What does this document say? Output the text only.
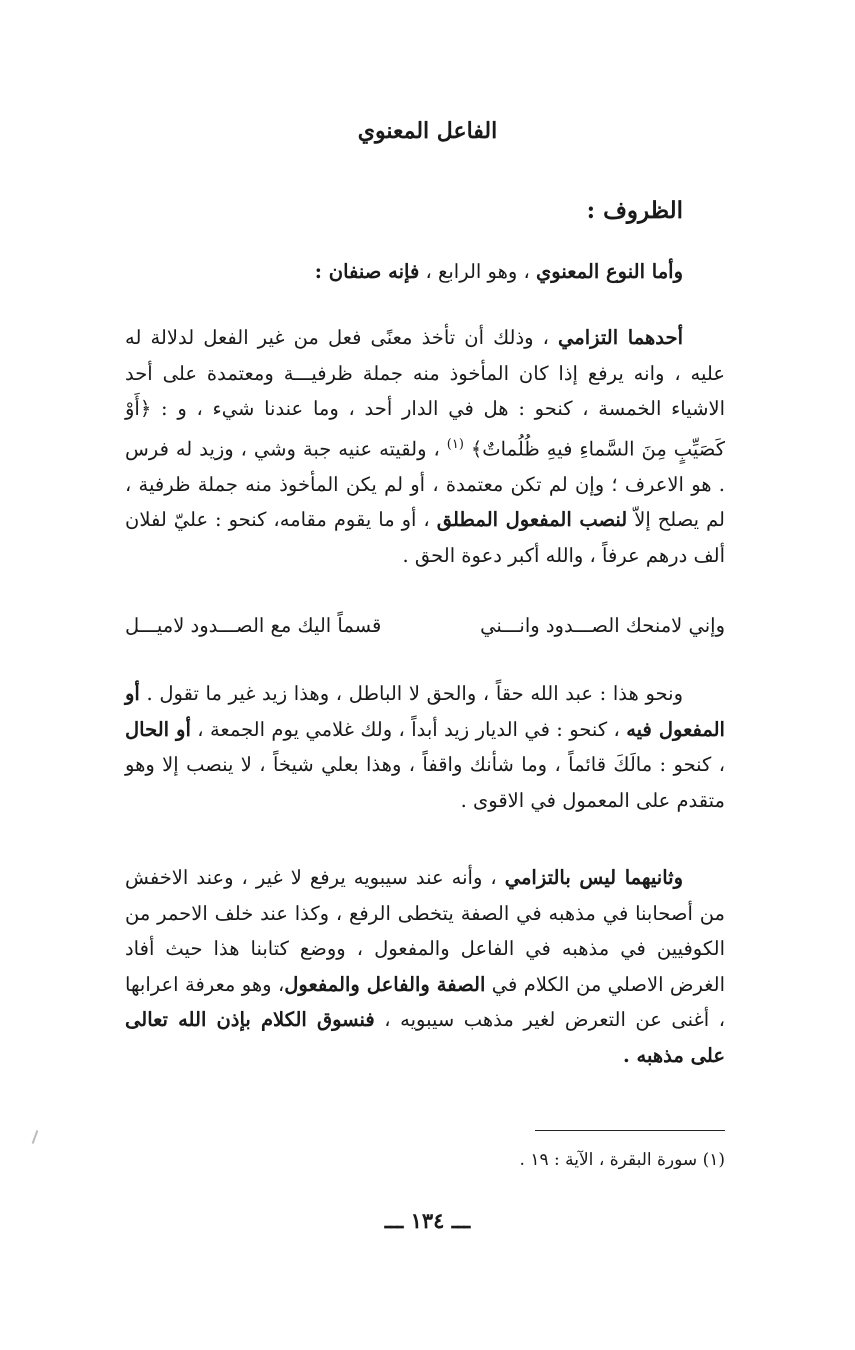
الفاعل المعنوي
الظروف :

وأما النوع المعنوي ، وهو الرابع ، فإنه صنفان :

أحدهما التزامي ، وذلك أن تأخذ معنًى فعل من غير الفعل لدلالة له عليه ، وانه يرفع إذا كان المأخوذ منه جملة ظرفيـــة ومعتمدة على أحد الاشياء الخمسة ، كنحو : هل في الدار أحد ، وما عندنا شيء ، و : ﴿أَوْ كَصَيِّبٍ مِنَ السَّماءِ فيهِ ظُلُماتٌ﴾ $^{(١)}$ ، ولقيته عنيه جبة وشي ، وزيد له فرس . هو الاعرف ؛ وإن لم تكن معتمدة ، أو لم يكن المأخوذ منه جملة ظرفية ، لم يصلح إلاّ لنصب المفعول المطلق ، أو ما يقوم مقامه، كنحو : عليّ لفلان ألف درهم عرفاً ، والله أكبر دعوة الحق .

وإني لامنحك الصـــدود وانـــني
قسماً اليك مع الصـــدود لاميـــل

ونحو هذا : عبد الله حقاً ، والحق لا الباطل ، وهذا زيد غير ما تقول . أو المفعول فيه ، كنحو : في الديار زيد أبداً ، ولك غلامي يوم الجمعة ، أو الحال ، كنحو : مالَكَ قائماً ، وما شأنك واقفاً ، وهذا بعلي شيخاً ، لا ينصب إلا وهو متقدم على المعمول في الاقوى .

وثانيهما ليس بالتزامي ، وأنه عند سيبويه يرفع لا غير ، وعند الاخفش من أصحابنا في مذهبه في الصفة يتخطى الرفع ، وكذا عند خلف الاحمر من الكوفيين في مذهبه في الفاعل والمفعول ، ووضع كتابنا هذا حيث أفاد الغرض الاصلي من الكلام في الصفة والفاعل والمفعول، وهو معرفة اعرابها ، أغنى عن التعرض لغير مذهب سيبويه ، فنسوق الكلام بإذن الله تعالى على مذهبه .

(١) سورة البقرة ، الآية : ١٩ .
ـــ ١٣٤ ـــ
